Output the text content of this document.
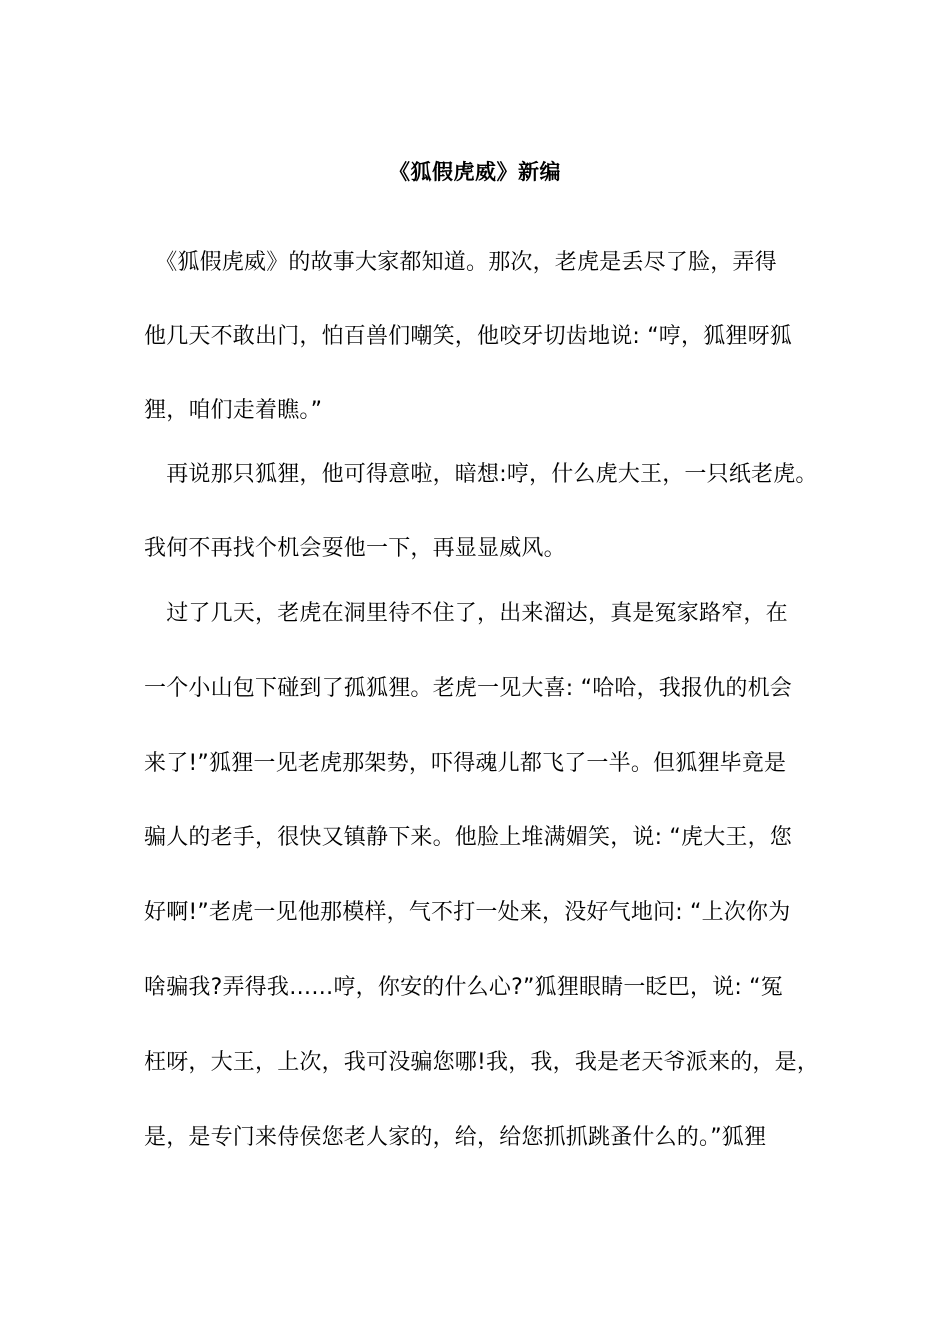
《狐假虎威》新编
　《狐假虎威》的故事大家都知道。那次，老虎是丢尽了脸，弄得
他几天不敢出门，怕百兽们嘲笑，他咬牙切齿地说: “哼，狐狸呀狐
狸，咱们走着瞧。”
　再说那只狐狸，他可得意啦，暗想:哼，什么虎大王，一只纸老虎。
我何不再找个机会耍他一下，再显显威风。
　过了几天，老虎在洞里待不住了，出来溜达，真是冤家路窄，在
一个小山包下碰到了孤狐狸。老虎一见大喜: “哈哈，我报仇的机会
来了!”狐狸一见老虎那架势，吓得魂儿都飞了一半。但狐狸毕竟是
骗人的老手，很快又镇静下来。他脸上堆满媚笑，说: “虎大王，您
好啊!”老虎一见他那模样，气不打一处来，没好气地问: “上次你为
啥骗我?弄得我……哼，你安的什么心?”狐狸眼睛一眨巴，说: “冤
枉呀，大王，上次，我可没骗您哪!我，我，我是老天爷派来的，是，
是，是专门来侍侯您老人家的，给，给您抓抓跳蚤什么的。”狐狸
